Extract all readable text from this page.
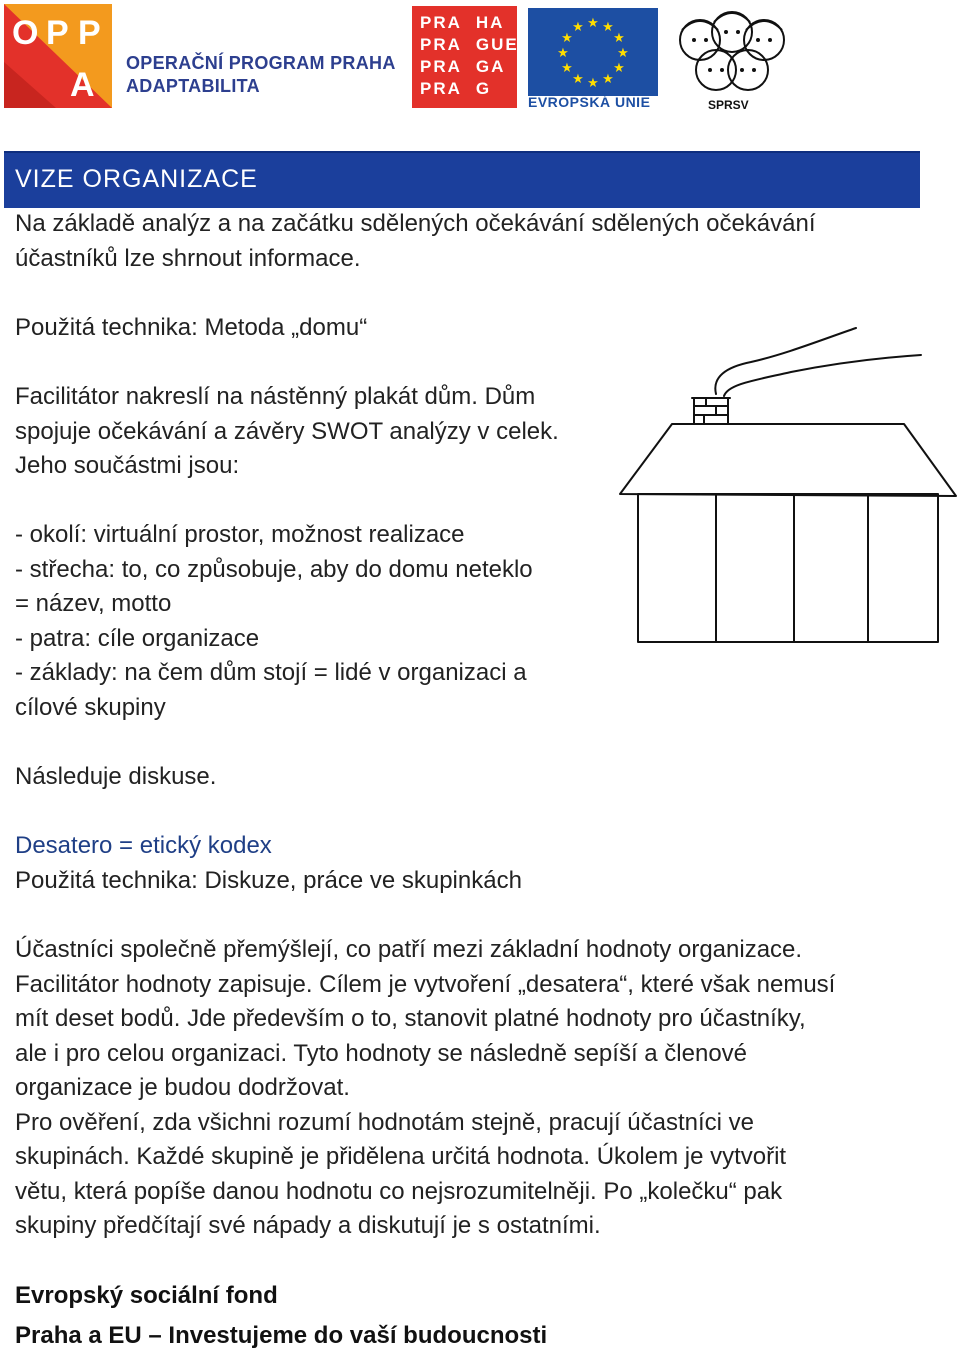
O P P
A
OPERAČNÍ PROGRAM PRAHA
ADAPTABILITA
PRA HA
PRA GUE
PRA GA
PRA G
★ ★
★
★
★
★
★
★
★
★
★
★
EVROPSKÁ UNIE	SPRSV
VIZE ORGANIZACE
Na základě analýz a na začátku sdělených očekávání sdělených očekávání
účastníků lze shrnout informace.
Použitá technika: Metoda „domu“
Facilitátor nakreslí na nástěnný plakát dům. Dům
spojuje očekávání a závěry SWOT analýzy v celek.
Jeho součástmi jsou:
- okolí: virtuální prostor, možnost realizace
- střecha: to, co způsobuje, aby do domu neteklo
= název, motto
- patra: cíle organizace
- základy: na čem dům stojí = lidé v organizaci a
cílové skupiny
Následuje diskuse.
Desatero = etický kodex
Použitá technika: Diskuze, práce ve skupinkách
Účastníci společně přemýšlejí, co patří mezi základní hodnoty organizace.
Facilitátor hodnoty zapisuje. Cílem je vytvoření „desatera“, které však nemusí
mít deset bodů. Jde především o to, stanovit platné hodnoty pro účastníky,
ale i pro celou organizaci. Tyto hodnoty se následně sepíší a členové
organizace je budou dodržovat.
Pro ověření, zda všichni rozumí hodnotám stejně, pracují účastníci ve
skupinách. Každé skupině je přidělena určitá hodnota. Úkolem je vytvořit
větu, která popíše danou hodnotu co nejsrozumitelněji. Po „kolečku“ pak
skupiny předčítají své nápady a diskutují je s ostatními.
Evropský sociální fond
Praha a EU – Investujeme do vaší budoucnosti
